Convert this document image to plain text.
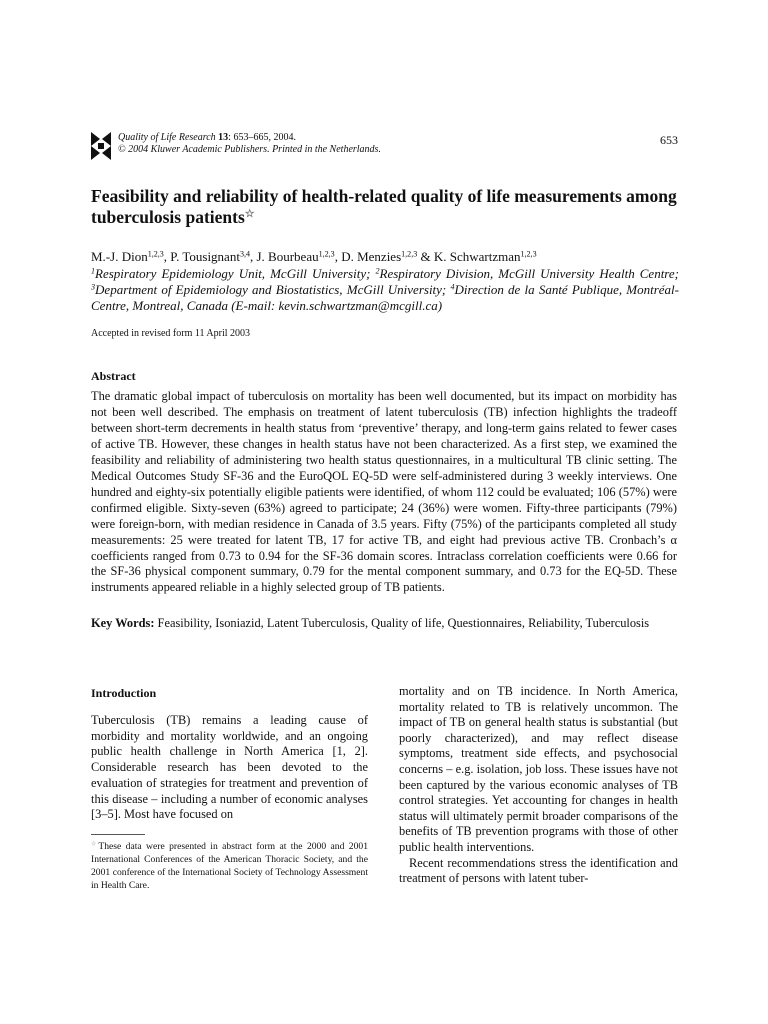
Quality of Life Research 13: 653–665, 2004.
© 2004 Kluwer Academic Publishers. Printed in the Netherlands.
653
Feasibility and reliability of health-related quality of life measurements among tuberculosis patients☆
M.-J. Dion$^{1,2,3}$, P. Tousignant$^{3,4}$, J. Bourbeau$^{1,2,3}$, D. Menzies$^{1,2,3}$ & K. Schwartzman$^{1,2,3}$
$^1$Respiratory Epidemiology Unit, McGill University; $^2$Respiratory Division, McGill University Health Centre; $^3$Department of Epidemiology and Biostatistics, McGill University; $^4$Direction de la Santé Publique, Montréal-Centre, Montreal, Canada (E-mail: kevin.schwartzman@mcgill.ca)
Accepted in revised form 11 April 2003
Abstract
The dramatic global impact of tuberculosis on mortality has been well documented, but its impact on morbidity has not been well described. The emphasis on treatment of latent tuberculosis (TB) infection highlights the tradeoff between short-term decrements in health status from ‘preventive’ therapy, and long-term gains related to fewer cases of active TB. However, these changes in health status have not been characterized. As a first step, we examined the feasibility and reliability of administering two health status questionnaires, in a multicultural TB clinic setting. The Medical Outcomes Study SF-36 and the EuroQOL EQ-5D were self-administered during 3 weekly interviews. One hundred and eighty-six potentially eligible patients were identified, of whom 112 could be evaluated; 106 (57%) were confirmed eligible. Sixty-seven (63%) agreed to participate; 24 (36%) were women. Fifty-three participants (79%) were foreign-born, with median residence in Canada of 3.5 years. Fifty (75%) of the participants completed all study measurements: 25 were treated for latent TB, 17 for active TB, and eight had previous active TB. Cronbach’s α coefficients ranged from 0.73 to 0.94 for the SF-36 domain scores. Intraclass correlation coefficients were 0.66 for the SF-36 physical component summary, 0.79 for the mental component summary, and 0.73 for the EQ-5D. These instruments appeared reliable in a highly selected group of TB patients.
Key Words: Feasibility, Isoniazid, Latent Tuberculosis, Quality of life, Questionnaires, Reliability, Tuberculosis
Introduction
Tuberculosis (TB) remains a leading cause of morbidity and mortality worldwide, and an ongoing public health challenge in North America [1, 2]. Considerable research has been devoted to the evaluation of strategies for treatment and prevention of this disease – including a number of economic analyses [3–5]. Most have focused on
☆These data were presented in abstract form at the 2000 and 2001 International Conferences of the American Thoracic Society, and the 2001 conference of the International Society of Technology Assessment in Health Care.

mortality and on TB incidence. In North America, mortality related to TB is relatively uncommon. The impact of TB on general health status is substantial (but poorly characterized), and may reflect disease symptoms, treatment side effects, and psychosocial concerns – e.g. isolation, job loss. These issues have not been captured by the various economic analyses of TB control strategies. Yet accounting for changes in health status will ultimately permit broader comparisons of the benefits of TB prevention programs with those of other public health interventions.

Recent recommendations stress the identification and treatment of persons with latent tuber-
